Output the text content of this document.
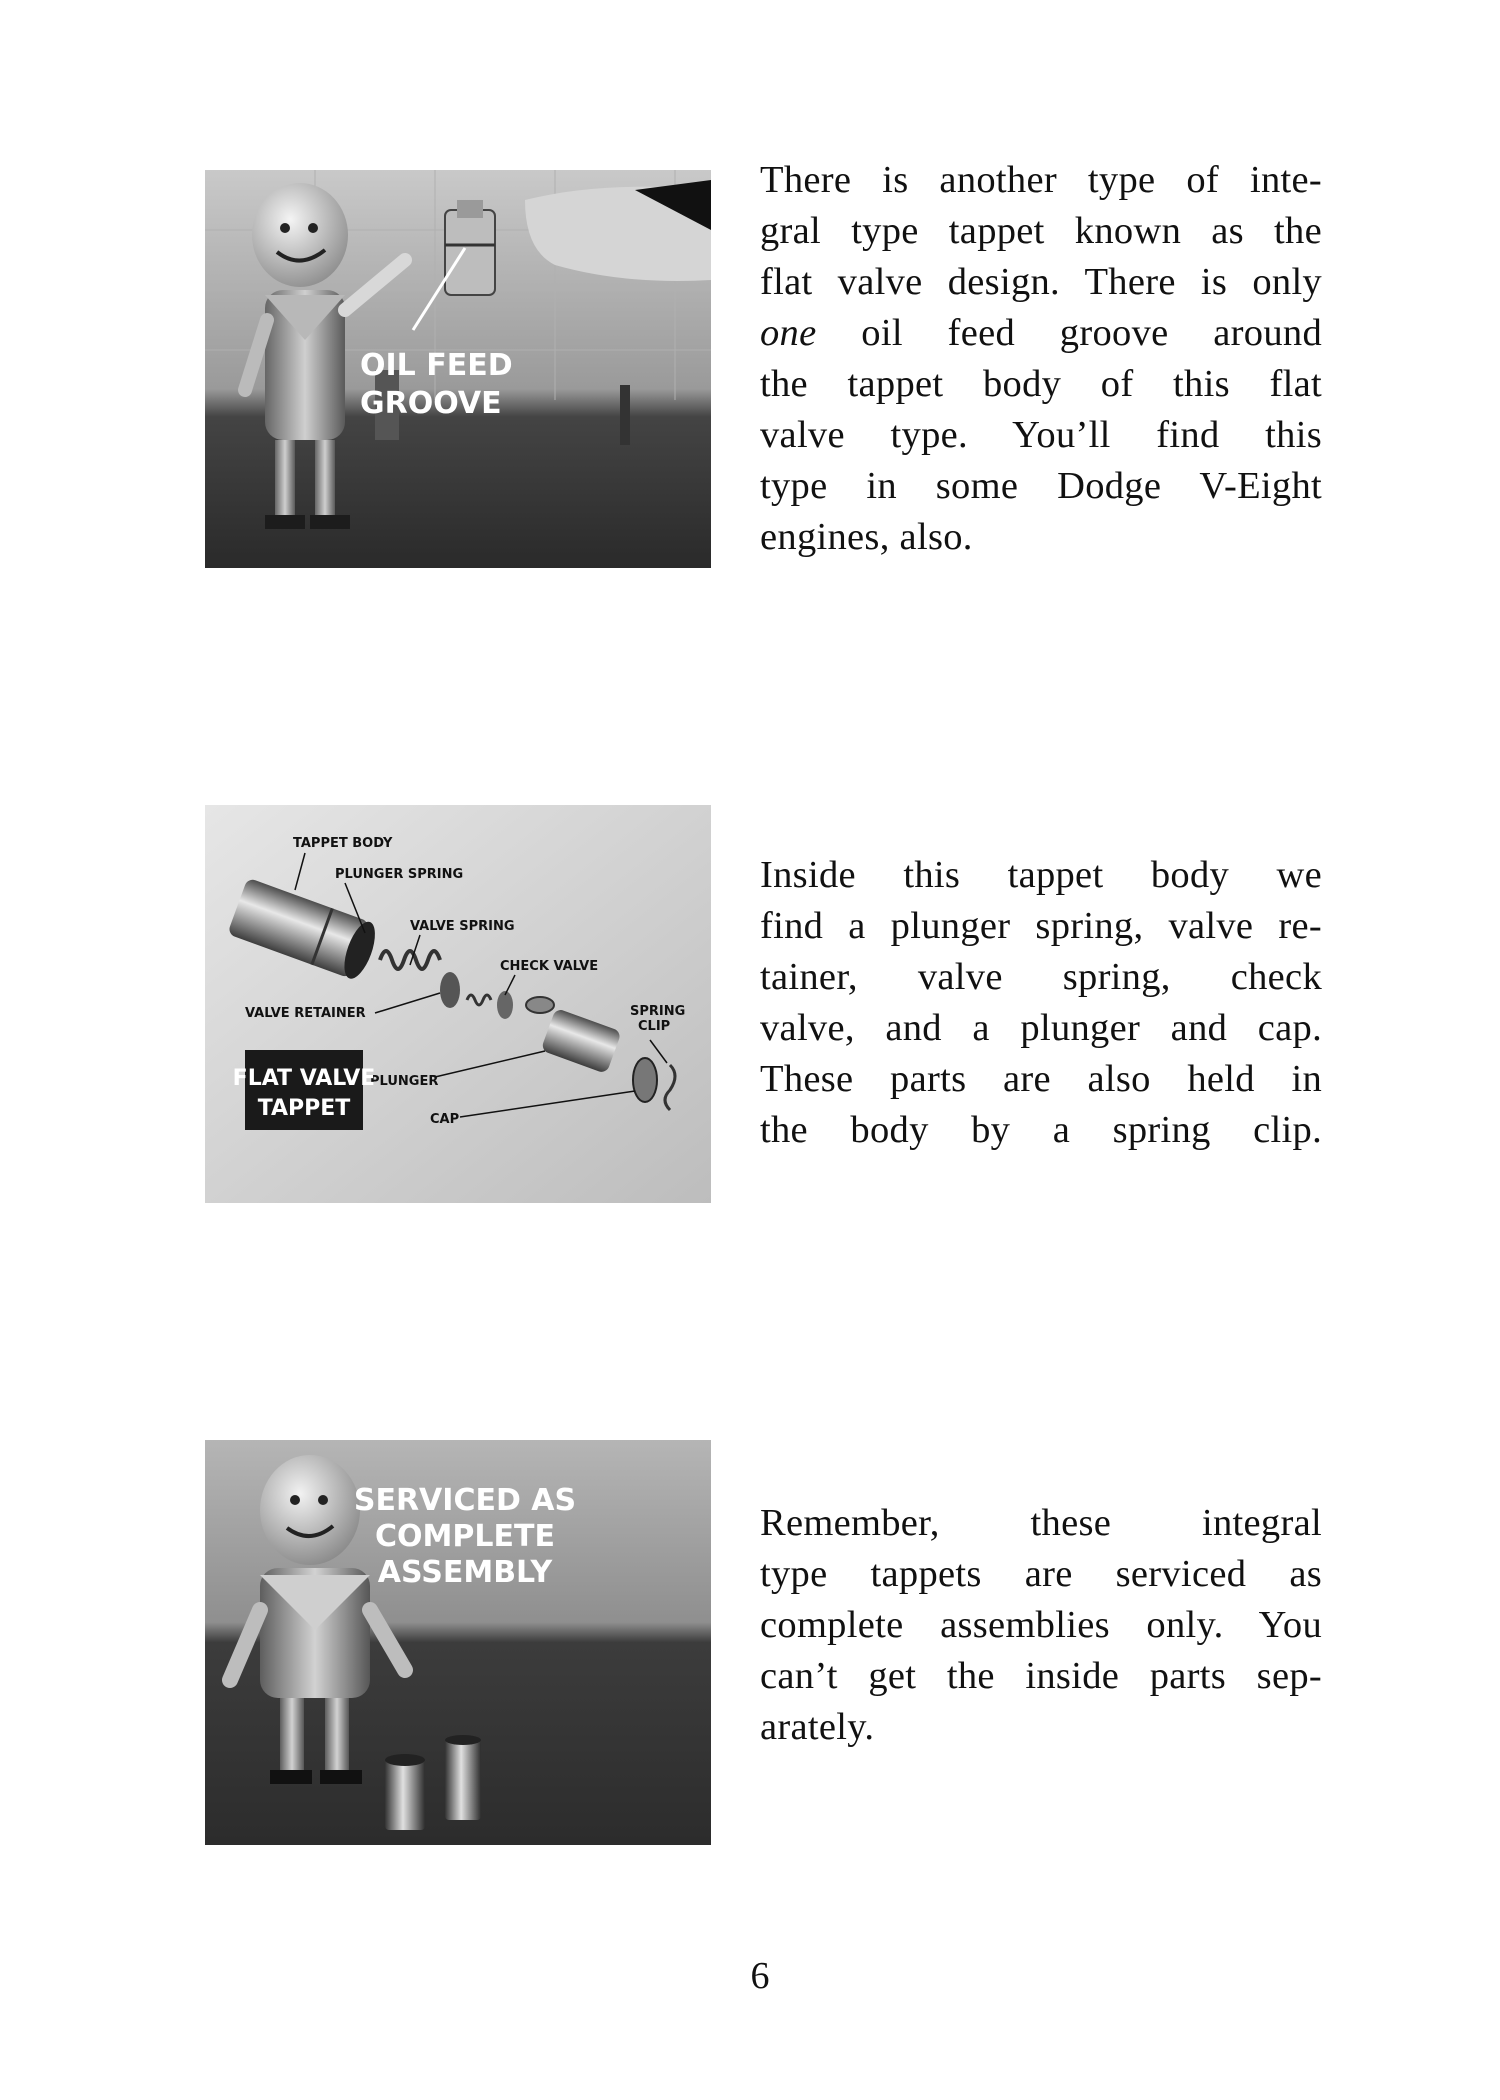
OIL FEED
GROOVE
There is another type of inte-
gral type tappet known as the
flat valve design. There is only
one oil feed groove around
the tappet body of this flat
valve type. You’ll find this
type in some Dodge V-Eight
engines, also.
TAPPET BODY
PLUNGER SPRING
VALVE SPRING
VALVE RETAINER
CHECK VALVE
SPRING
CLIP
PLUNGER
CAP
FLAT VALVE
TAPPET
Inside this tappet body we
find a plunger spring, valve re-
tainer, valve spring, check
valve, and a plunger and cap.
These parts are also held in
the body by a spring clip.
SERVICED AS
COMPLETE
ASSEMBLY
Remember, these integral
type tappets are serviced as
complete assemblies only. You
can’t get the inside parts sep-
arately.
6
